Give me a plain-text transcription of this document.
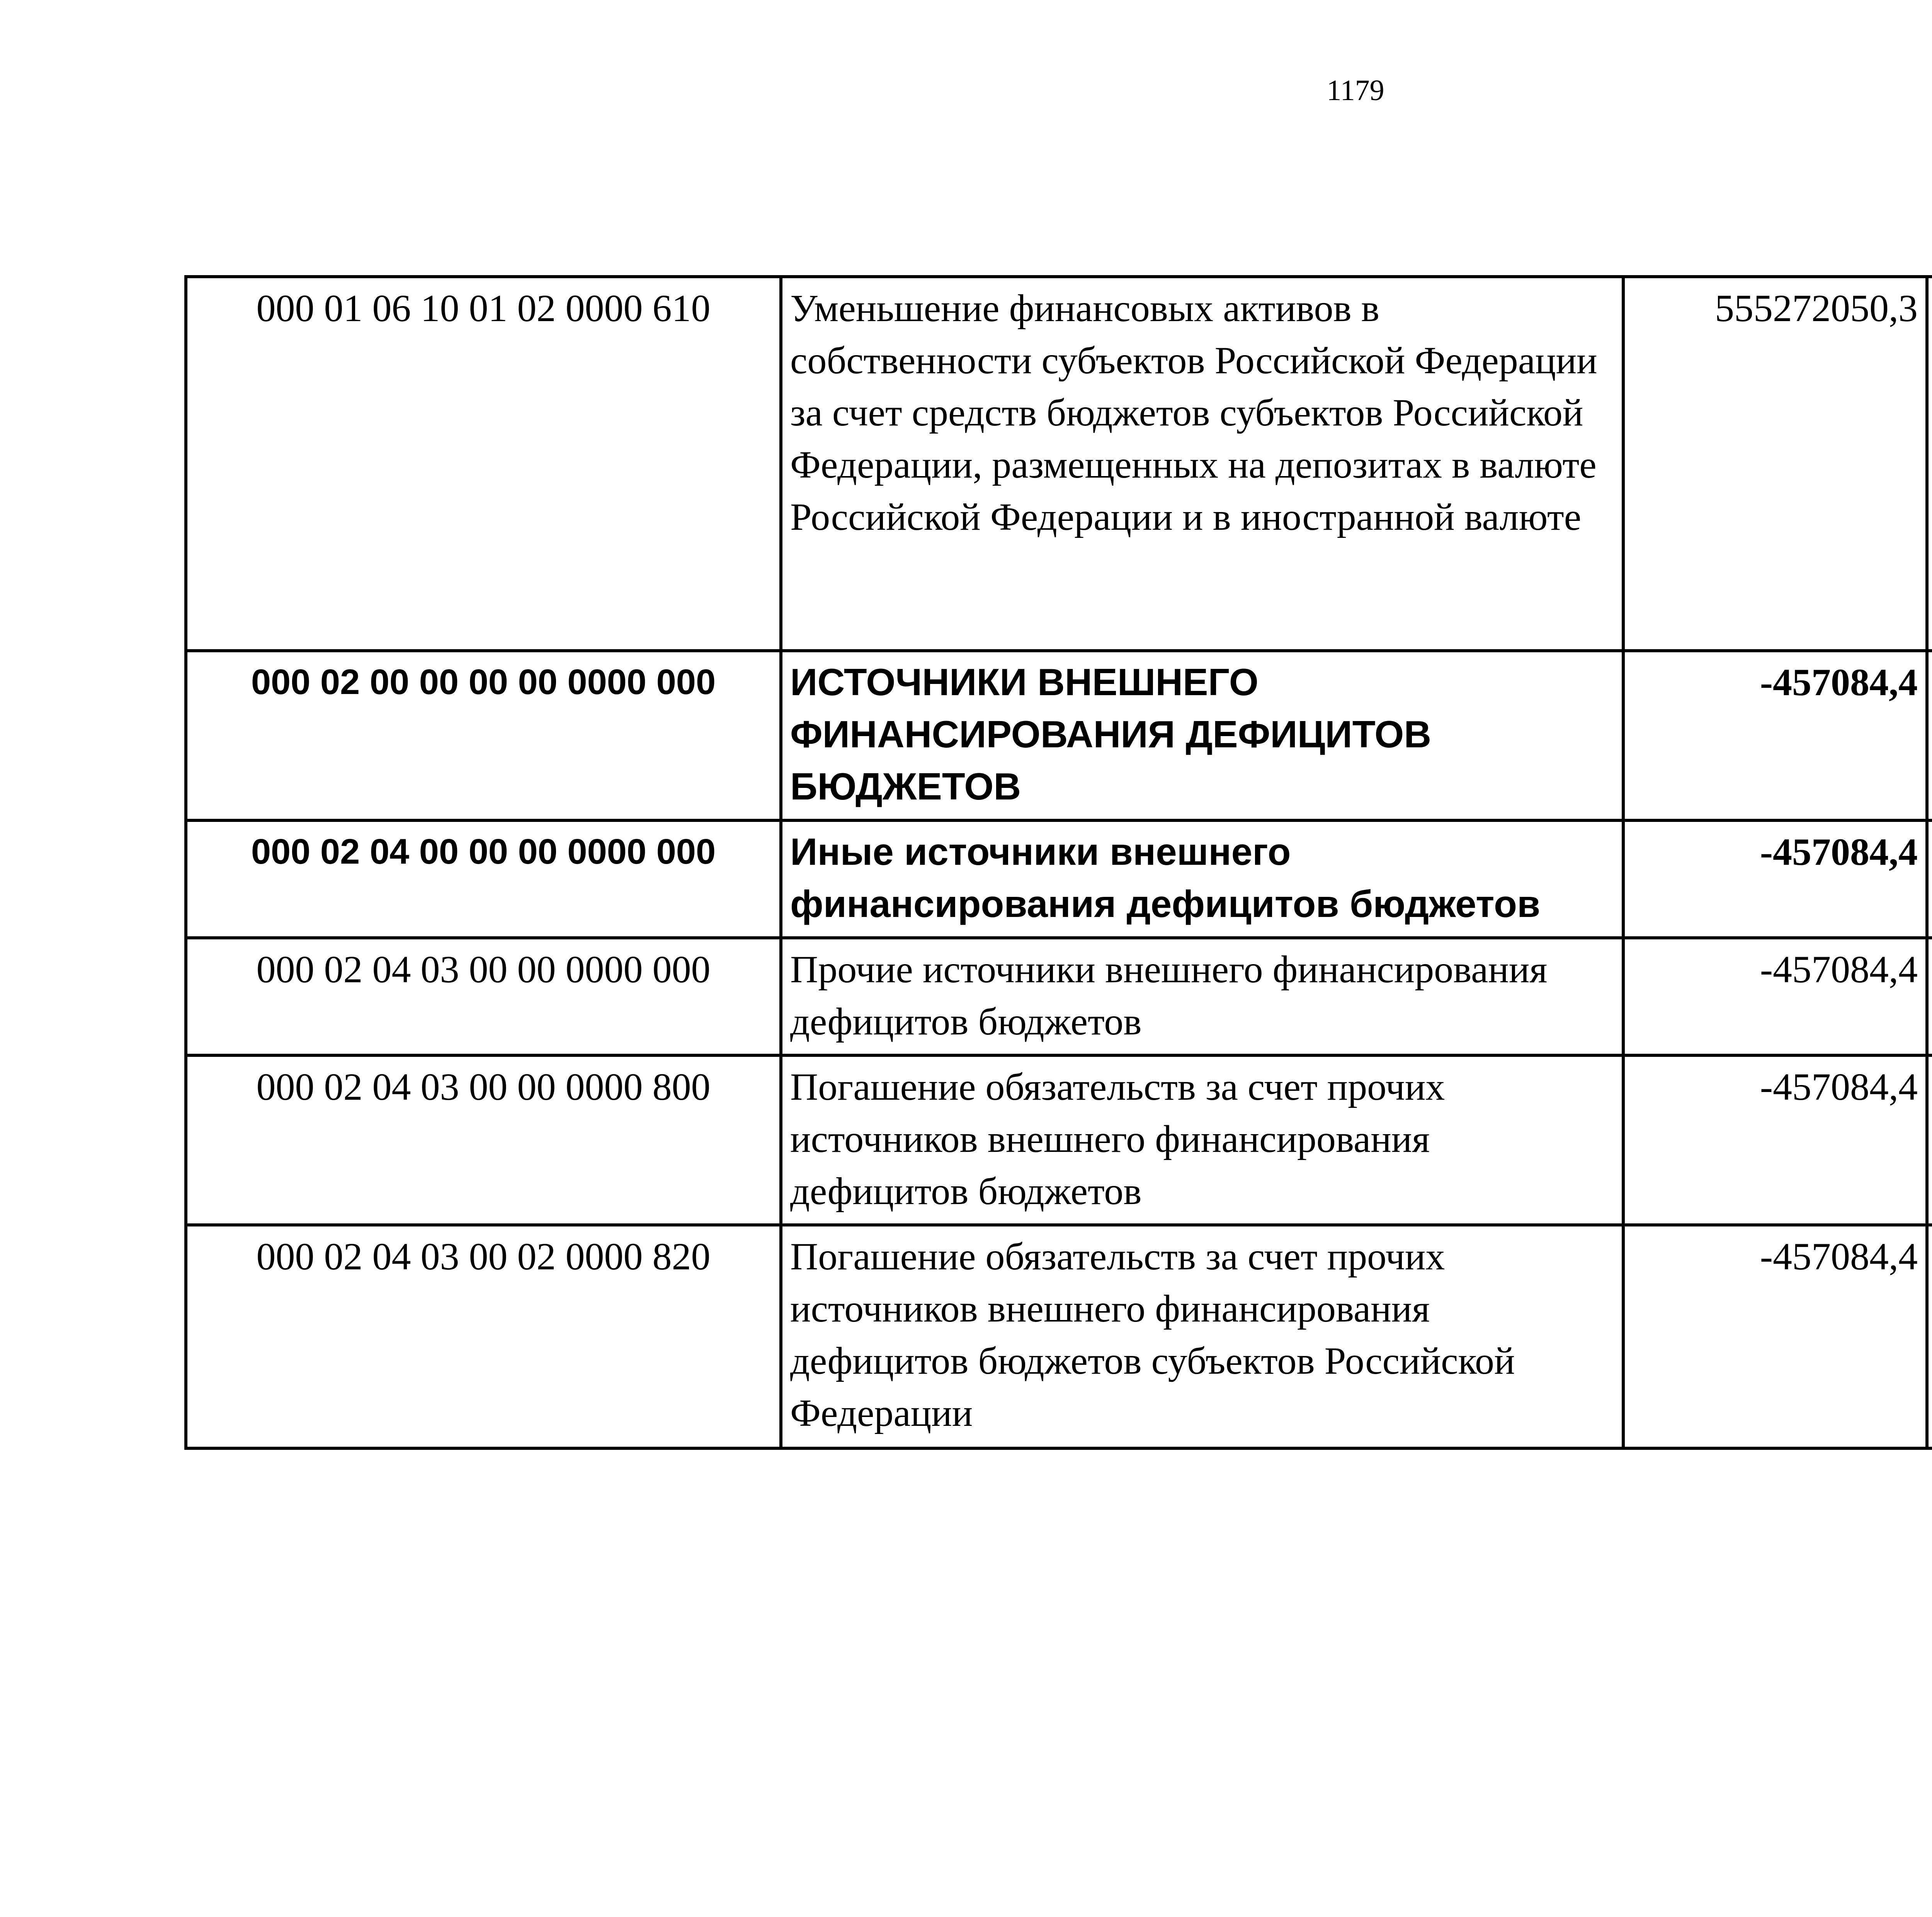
1179
000 01 06 10 01 02 0000 610	Уменьшение финансовых активов в собственности субъектов Российской Федерации за счет средств бюджетов субъектов Российской Федерации, размещенных на депозитах в валюте Российской Федерации и в иностранной валюте	555272050,3		
000 02 00 00 00 00 0000 000	ИСТОЧНИКИ ВНЕШНЕГО ФИНАНСИРОВАНИЯ ДЕФИЦИТОВ БЮДЖЕТОВ	-457084,4		
000 02 04 00 00 00 0000 000	Иные источники внешнего финансирования дефицитов бюджетов	-457084,4		
000 02 04 03 00 00 0000 000	Прочие источники внешнего финансирования дефицитов бюджетов	-457084,4		
000 02 04 03 00 00 0000 800	Погашение обязательств за счет прочих источников внешнего финансирования дефицитов бюджетов	-457084,4		
000 02 04 03 00 02 0000 820	Погашение обязательств за счет прочих источников внешнего финансирования дефицитов бюджетов субъектов Российской Федерации	-457084,4		
